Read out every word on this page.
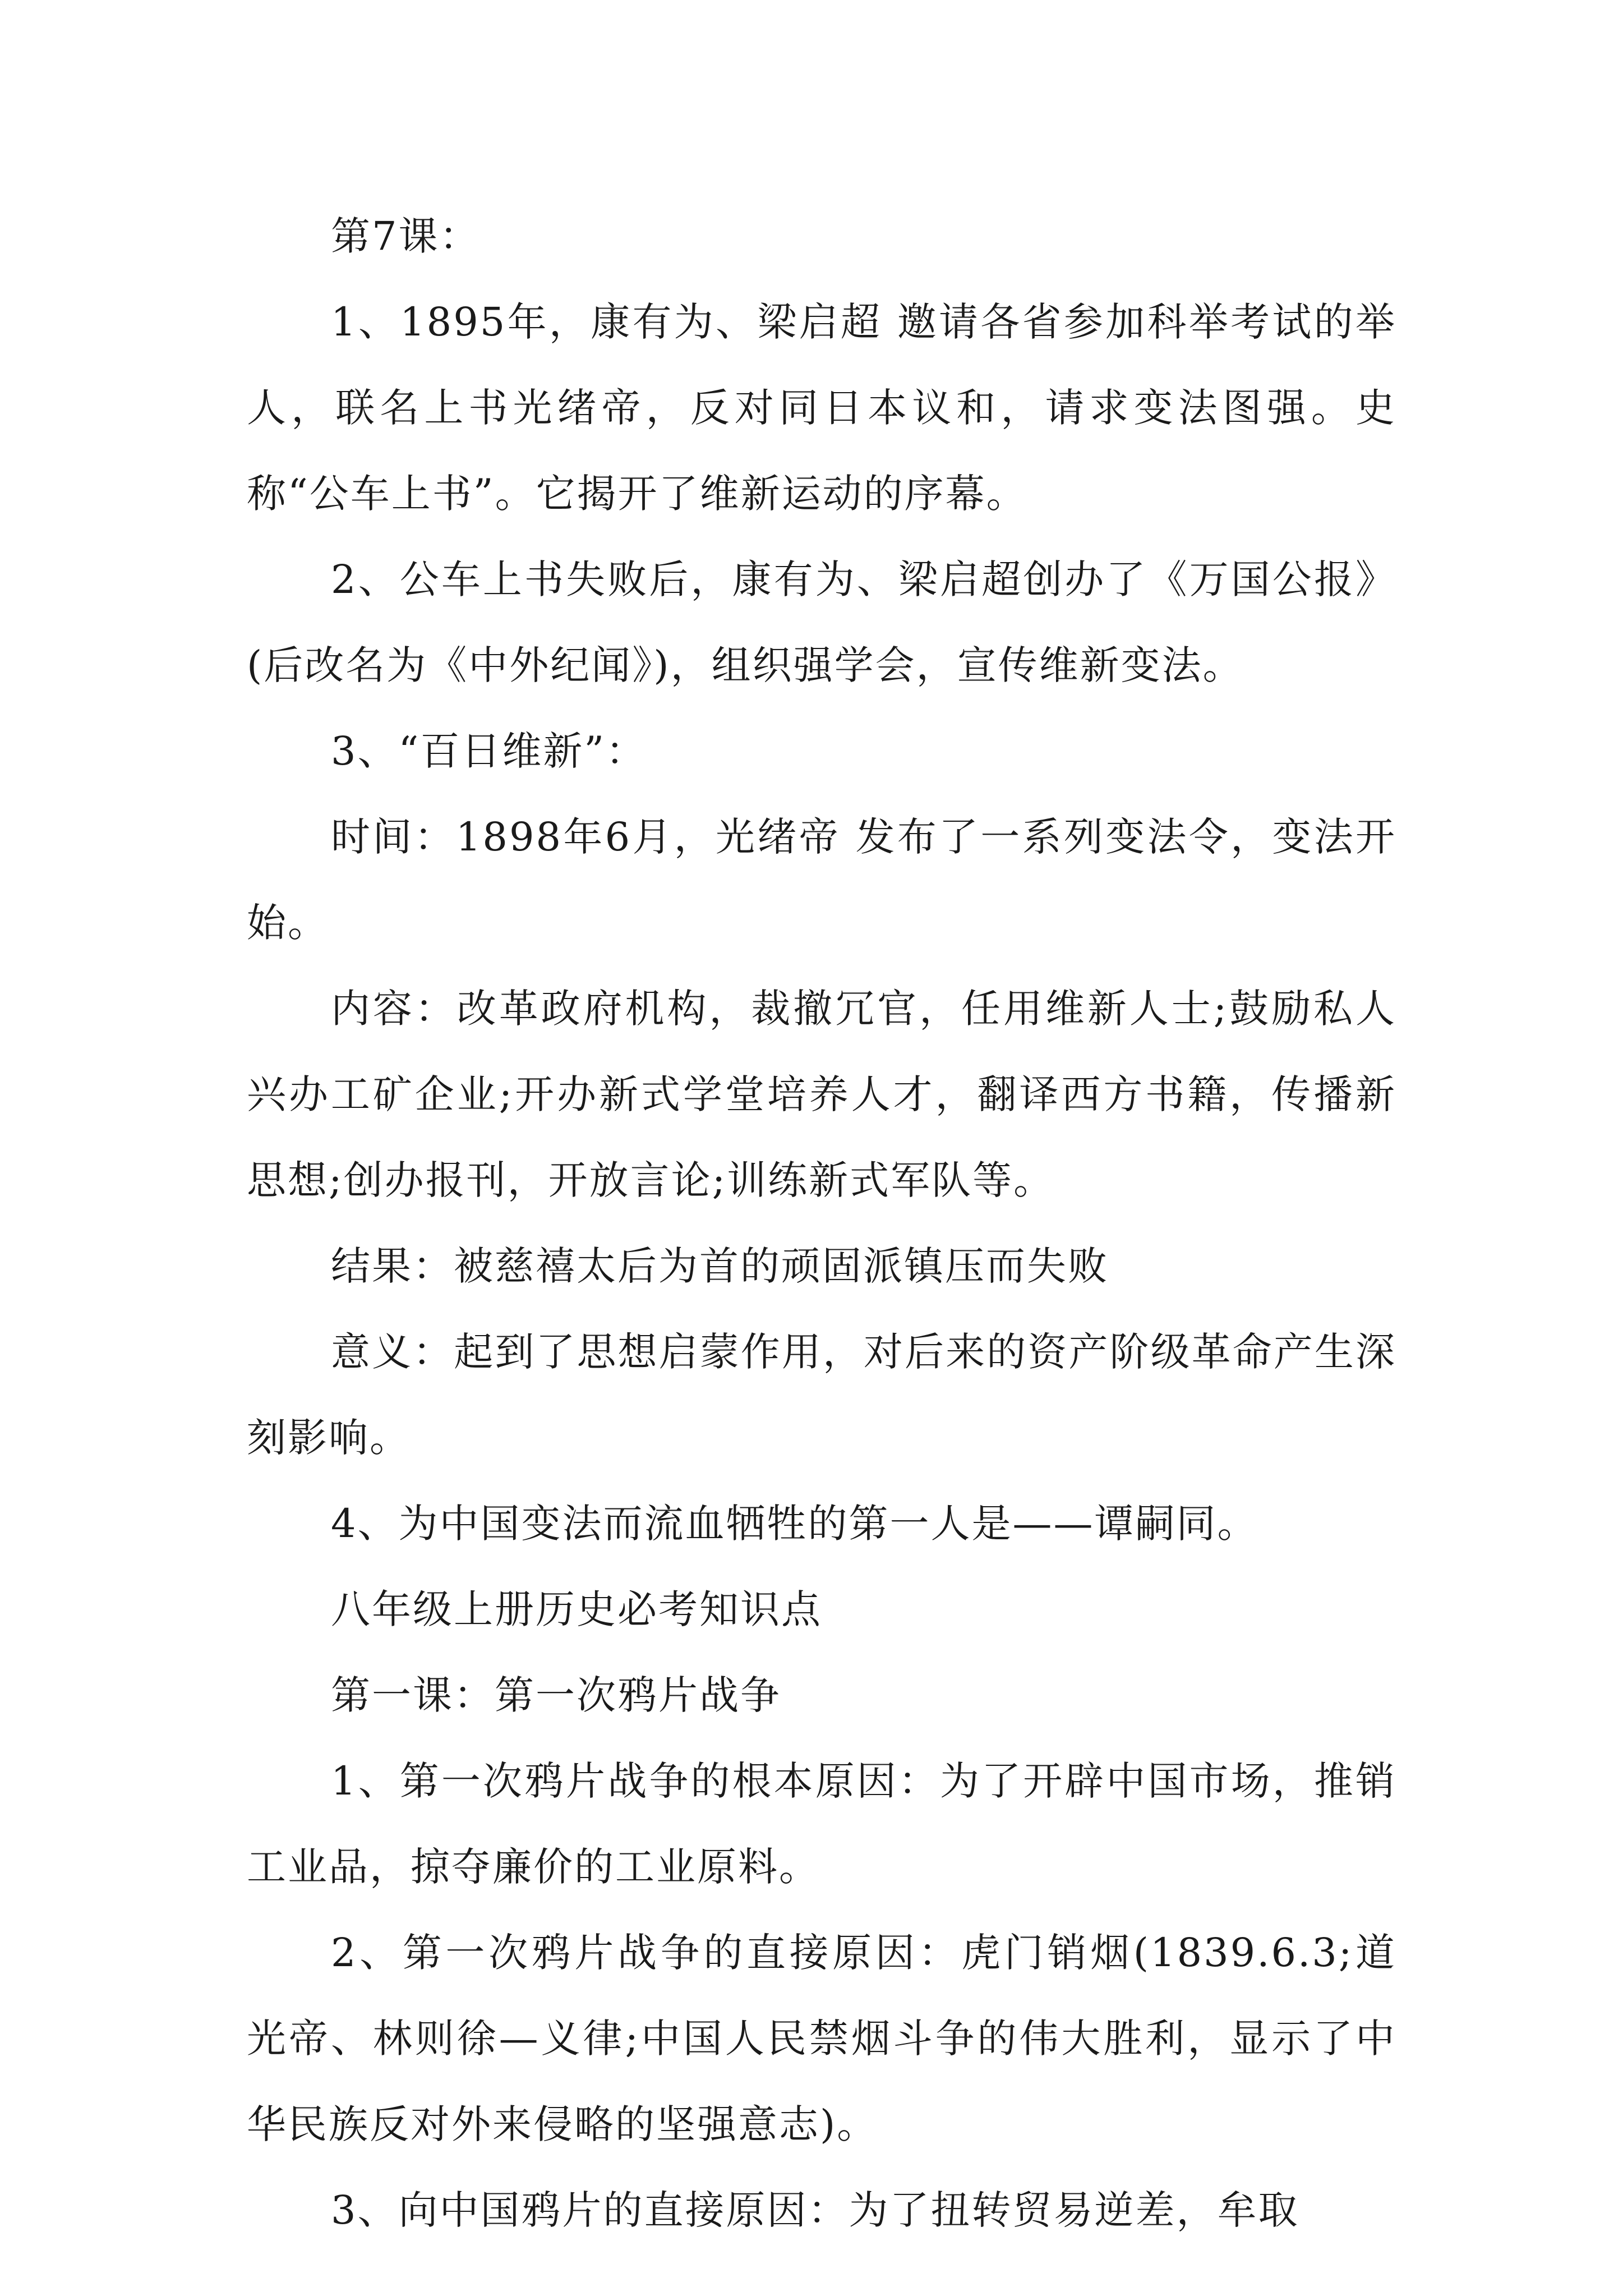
第7课：

1、1895年，康有为、梁启超 邀请各省参加科举考试的举人，联名上书光绪帝，反对同日本议和，请求变法图强。史称“公车上书”。它揭开了维新运动的序幕。

2、公车上书失败后，康有为、梁启超创办了《万国公报》(后改名为《中外纪闻》)，组织强学会，宣传维新变法。

3、“百日维新”：

时间：1898年6月，光绪帝 发布了一系列变法令，变法开始。

内容：改革政府机构，裁撤冗官，任用维新人士;鼓励私人兴办工矿企业;开办新式学堂培养人才，翻译西方书籍，传播新思想;创办报刊，开放言论;训练新式军队等。

结果：被慈禧太后为首的顽固派镇压而失败

意义：起到了思想启蒙作用，对后来的资产阶级革命产生深刻影响。

4、为中国变法而流血牺牲的第一人是——谭嗣同。

八年级上册历史必考知识点

第一课：第一次鸦片战争

1、第一次鸦片战争的根本原因：为了开辟中国市场，推销工业品，掠夺廉价的工业原料。

2、第一次鸦片战争的直接原因：虎门销烟(1839.6.3;道光帝、林则徐—义律;中国人民禁烟斗争的伟大胜利，显示了中华民族反对外来侵略的坚强意志)。

3、向中国鸦片的直接原因：为了扭转贸易逆差，牟取
